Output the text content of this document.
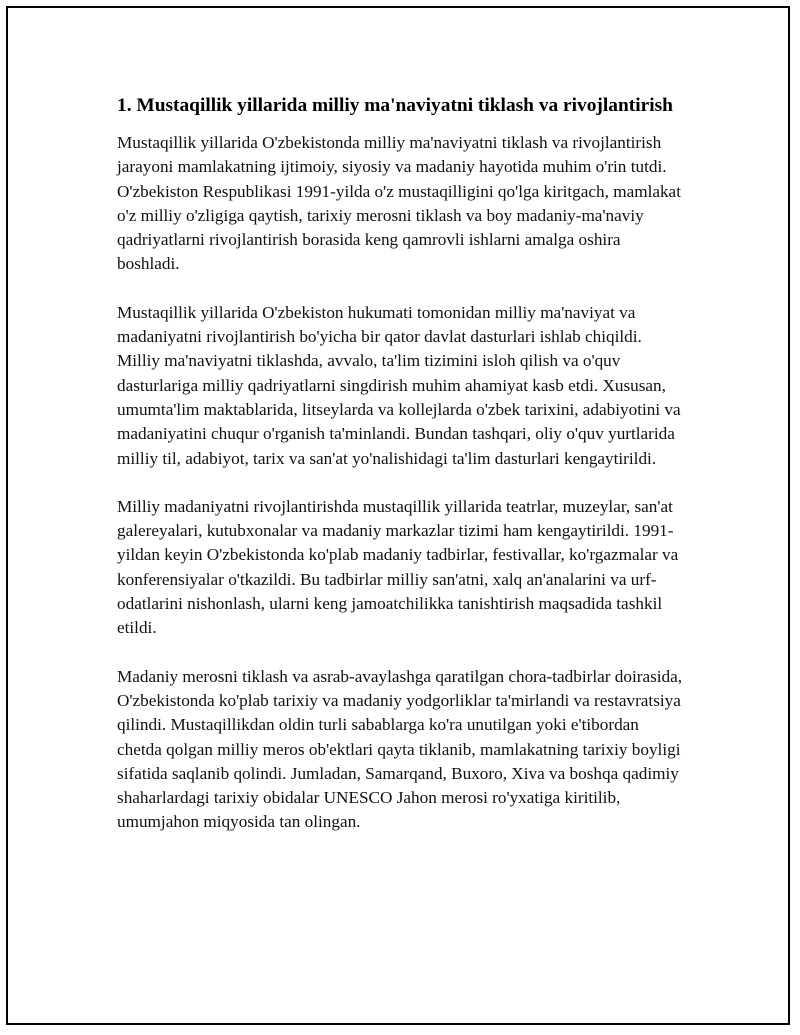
1. Mustaqillik yillarida milliy ma'naviyatni tiklash va rivojlantirish

Mustaqillik yillarida O'zbekistonda milliy ma'naviyatni tiklash va rivojlantirish jarayoni mamlakatning ijtimoiy, siyosiy va madaniy hayotida muhim o'rin tutdi. O'zbekiston Respublikasi 1991-yilda o'z mustaqilligini qo'lga kiritgach, mamlakat o'z milliy o'zligiga qaytish, tarixiy merosni tiklash va boy madaniy-ma'naviy qadriyatlarni rivojlantirish borasida keng qamrovli ishlarni amalga oshira boshladi.

Mustaqillik yillarida O'zbekiston hukumati tomonidan milliy ma'naviyat va madaniyatni rivojlantirish bo'yicha bir qator davlat dasturlari ishlab chiqildi. Milliy ma'naviyatni tiklashda, avvalo, ta'lim tizimini isloh qilish va o'quv dasturlariga milliy qadriyatlarni singdirish muhim ahamiyat kasb etdi. Xususan, umumta'lim maktablarida, litseylarda va kollejlarda o'zbek tarixini, adabiyotini va madaniyatini chuqur o'rganish ta'minlandi. Bundan tashqari, oliy o'quv yurtlarida milliy til, adabiyot, tarix va san'at yo'nalishidagi ta'lim dasturlari kengaytirildi.

Milliy madaniyatni rivojlantirishda mustaqillik yillarida teatrlar, muzeylar, san'at galereyalari, kutubxonalar va madaniy markazlar tizimi ham kengaytirildi. 1991-yildan keyin O'zbekistonda ko'plab madaniy tadbirlar, festivallar, ko'rgazmalar va konferensiyalar o'tkazildi. Bu tadbirlar milliy san'atni, xalq an'analarini va urf-odatlarini nishonlash, ularni keng jamoatchilikka tanishtirish maqsadida tashkil etildi.

Madaniy merosni tiklash va asrab-avaylashga qaratilgan chora-tadbirlar doirasida, O'zbekistonda ko'plab tarixiy va madaniy yodgorliklar ta'mirlandi va restavratsiya qilindi. Mustaqillikdan oldin turli sabablarga ko'ra unutilgan yoki e'tibordan chetda qolgan milliy meros ob'ektlari qayta tiklanib, mamlakatning tarixiy boyligi sifatida saqlanib qolindi. Jumladan, Samarqand, Buxoro, Xiva va boshqa qadimiy shaharlardagi tarixiy obidalar UNESCO Jahon merosi ro'yxatiga kiritilib, umumjahon miqyosida tan olingan.
